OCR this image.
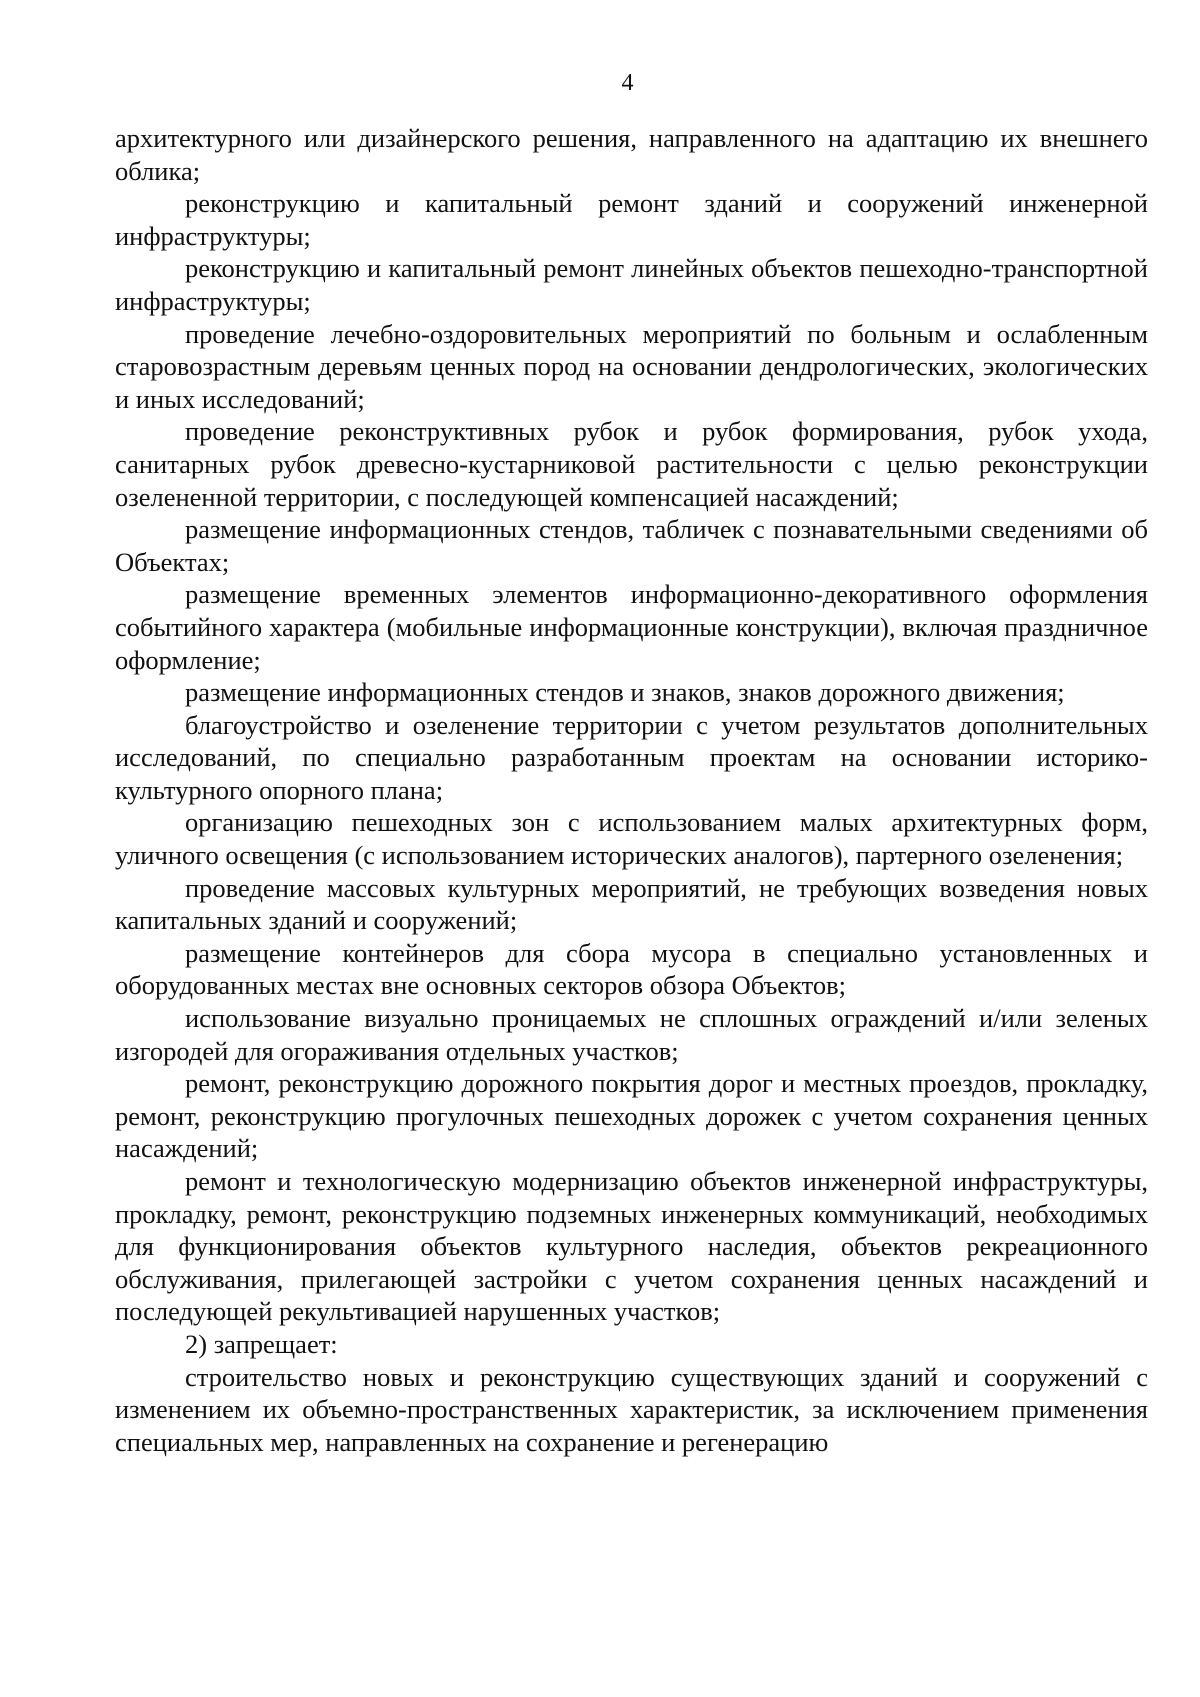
4

архитектурного или дизайнерского решения, направленного на адаптацию их внешнего облика;

реконструкцию и капитальный ремонт зданий и сооружений инженерной инфраструктуры;

реконструкцию и капитальный ремонт линейных объектов пешеходно-транспортной инфраструктуры;

проведение лечебно-оздоровительных мероприятий по больным и ослабленным старовозрастным деревьям ценных пород на основании дендрологических, экологических и иных исследований;

проведение реконструктивных рубок и рубок формирования, рубок ухода, санитарных рубок древесно-кустарниковой растительности с целью реконструкции озелененной территории, с последующей компенсацией насаждений;

размещение информационных стендов, табличек с познавательными сведениями об Объектах;

размещение временных элементов информационно-декоративного оформления событийного характера (мобильные информационные конструкции), включая праздничное оформление;

размещение информационных стендов и знаков, знаков дорожного движения;

благоустройство и озеленение территории с учетом результатов дополнительных исследований, по специально разработанным проектам на основании историко-культурного опорного плана;

организацию пешеходных зон с использованием малых архитектурных форм, уличного освещения (с использованием исторических аналогов), партерного озеленения;

проведение массовых культурных мероприятий, не требующих возведения новых капитальных зданий и сооружений;

размещение контейнеров для сбора мусора в специально установленных и оборудованных местах вне основных секторов обзора Объектов;

использование визуально проницаемых не сплошных ограждений и/или зеленых изгородей для огораживания отдельных участков;

ремонт, реконструкцию дорожного покрытия дорог и местных проездов, прокладку, ремонт, реконструкцию прогулочных пешеходных дорожек с учетом сохранения ценных насаждений;

ремонт и технологическую модернизацию объектов инженерной инфраструктуры, прокладку, ремонт, реконструкцию подземных инженерных коммуникаций, необходимых для функционирования объектов культурного наследия, объектов рекреационного обслуживания, прилегающей застройки с учетом сохранения ценных насаждений и последующей рекультивацией нарушенных участков;

2) запрещает:

строительство новых и реконструкцию существующих зданий и сооружений с изменением их объемно-пространственных характеристик, за исключением применения специальных мер, направленных на сохранение и регенерацию
